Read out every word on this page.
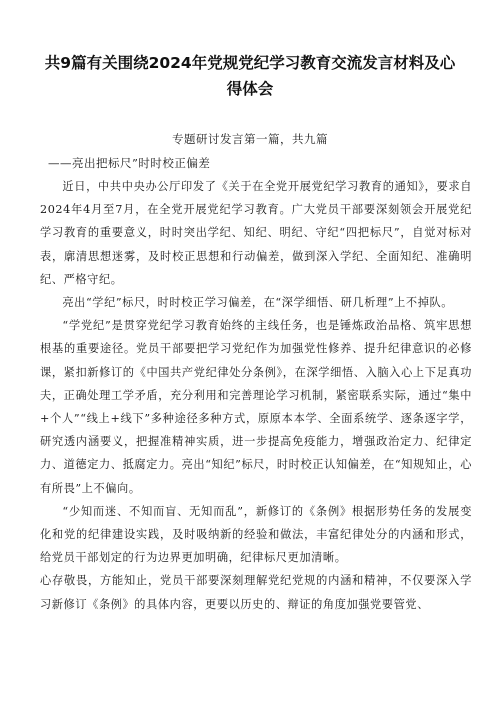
共9篇有关围绕2024年党规党纪学习教育交流发言材料及心得体会
专题研讨发言第一篇，共九篇
——亮出把标尺”时时校正偏差

近日，中共中央办公厅印发了《关于在全党开展党纪学习教育的通知》，要求自2024年4月至7月，在全党开展党纪学习教育。广大党员干部要深刻领会开展党纪学习教育的重要意义，时时突出学纪、知纪、明纪、守纪“四把标尺”，自觉对标对表，廓清思想迷雾，及时校正思想和行动偏差，做到深入学纪、全面知纪、准确明纪、严格守纪。

亮出“学纪”标尺，时时校正学习偏差，在“深学细悟、研几析理”上不掉队。

“学党纪”是贯穿党纪学习教育始终的主线任务，也是锤炼政治品格、筑牢思想根基的重要途径。党员干部要把学习党纪作为加强党性修养、提升纪律意识的必修课，紧扣新修订的《中国共产党纪律处分条例》，在深学细悟、入脑入心上下足真功夫，正确处理工学矛盾，充分利用和完善理论学习机制，紧密联系实际，通过“集中+个人”“线上+线下”多种途径多种方式，原原本本学、全面系统学、逐条逐字学，研究透内涵要义，把握准精神实质，进一步提高免疫能力，增强政治定力、纪律定力、道德定力、抵腐定力。亮出“知纪”标尺，时时校正认知偏差，在“知规知止，心有所畏”上不偏向。

“少知而迷、不知而盲、无知而乱”，新修订的《条例》根据形势任务的发展变化和党的纪律建设实践，及时吸纳新的经验和做法，丰富纪律处分的内涵和形式，给党员干部划定的行为边界更加明确，纪律标尺更加清晰。

心存敬畏，方能知止，党员干部要深刻理解党纪党规的内涵和精神，不仅要深入学习新修订《条例》的具体内容，更要以历史的、辩证的角度加强党要管党、
